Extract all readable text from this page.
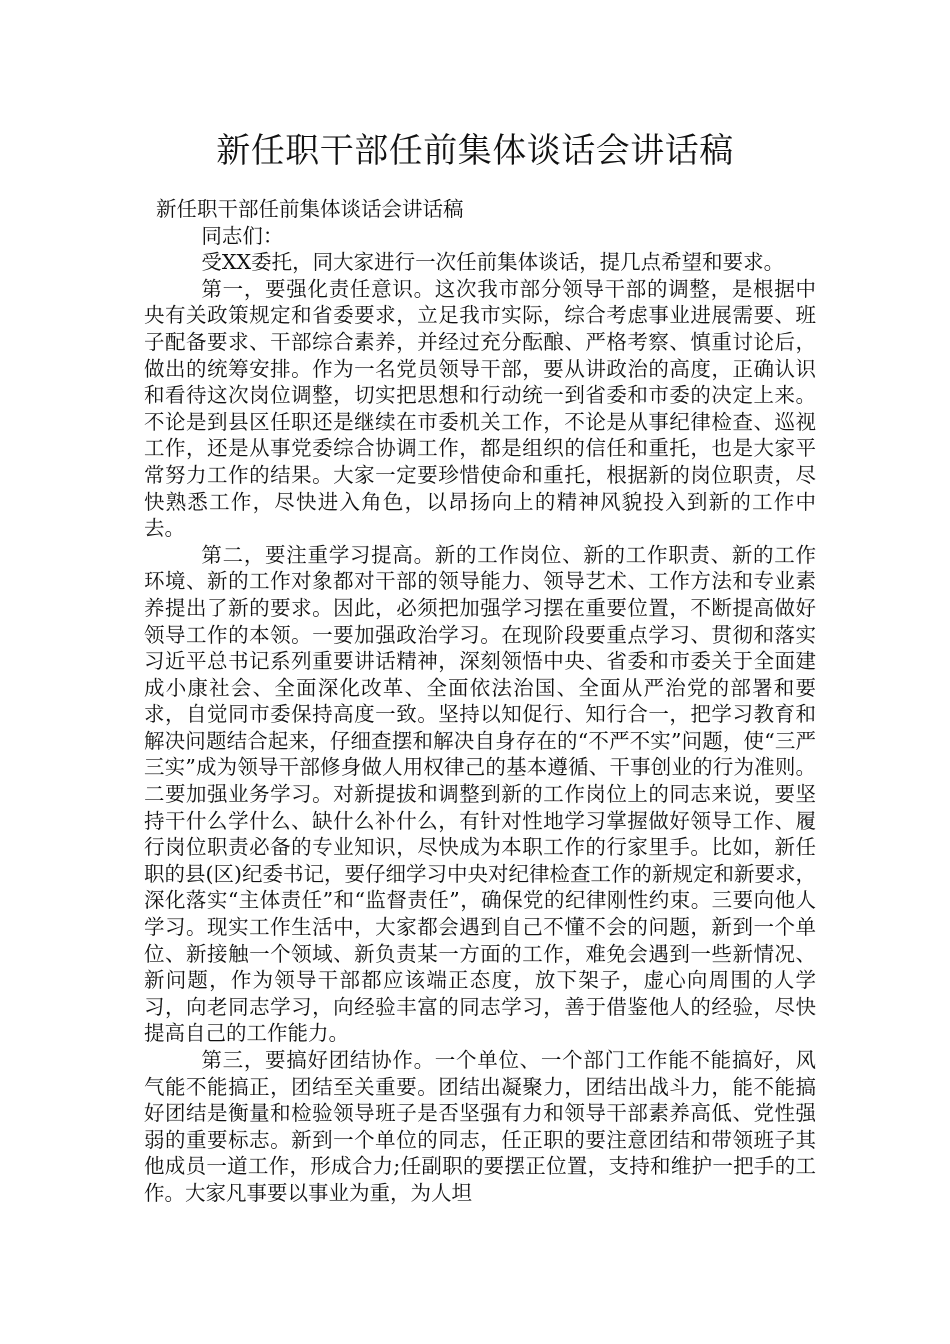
新任职干部任前集体谈话会讲话稿

新任职干部任前集体谈话会讲话稿

同志们：

受XX委托，同大家进行一次任前集体谈话，提几点希望和要求。

第一，要强化责任意识。这次我市部分领导干部的调整，是根据中央有关政策规定和省委要求，立足我市实际，综合考虑事业进展需要、班子配备要求、干部综合素养，并经过充分酝酿、严格考察、慎重讨论后，做出的统筹安排。作为一名党员领导干部，要从讲政治的高度，正确认识和看待这次岗位调整，切实把思想和行动统一到省委和市委的决定上来。不论是到县区任职还是继续在市委机关工作，不论是从事纪律检查、巡视工作，还是从事党委综合协调工作，都是组织的信任和重托，也是大家平常努力工作的结果。大家一定要珍惜使命和重托，根据新的岗位职责，尽快熟悉工作，尽快进入角色，以昂扬向上的精神风貌投入到新的工作中去。

第二，要注重学习提高。新的工作岗位、新的工作职责、新的工作环境、新的工作对象都对干部的领导能力、领导艺术、工作方法和专业素养提出了新的要求。因此，必须把加强学习摆在重要位置，不断提高做好领导工作的本领。一要加强政治学习。在现阶段要重点学习、贯彻和落实习近平总书记系列重要讲话精神，深刻领悟中央、省委和市委关于全面建成小康社会、全面深化改革、全面依法治国、全面从严治党的部署和要求，自觉同市委保持高度一致。坚持以知促行、知行合一，把学习教育和解决问题结合起来，仔细查摆和解决自身存在的“不严不实”问题，使“三严三实”成为领导干部修身做人用权律己的基本遵循、干事创业的行为准则。二要加强业务学习。对新提拔和调整到新的工作岗位上的同志来说，要坚持干什么学什么、缺什么补什么，有针对性地学习掌握做好领导工作、履行岗位职责必备的专业知识，尽快成为本职工作的行家里手。比如，新任职的县(区)纪委书记，要仔细学习中央对纪律检查工作的新规定和新要求，深化落实“主体责任”和“监督责任”，确保党的纪律刚性约束。三要向他人学习。现实工作生活中，大家都会遇到自己不懂不会的问题，新到一个单位、新接触一个领域、新负责某一方面的工作，难免会遇到一些新情况、新问题，作为领导干部都应该端正态度，放下架子，虚心向周围的人学习，向老同志学习，向经验丰富的同志学习，善于借鉴他人的经验，尽快提高自己的工作能力。

第三，要搞好团结协作。一个单位、一个部门工作能不能搞好，风气能不能搞正，团结至关重要。团结出凝聚力，团结出战斗力，能不能搞好团结是衡量和检验领导班子是否坚强有力和领导干部素养高低、党性强弱的重要标志。新到一个单位的同志，任正职的要注意团结和带领班子其他成员一道工作，形成合力;任副职的要摆正位置，支持和维护一把手的工作。大家凡事要以事业为重，为人坦
